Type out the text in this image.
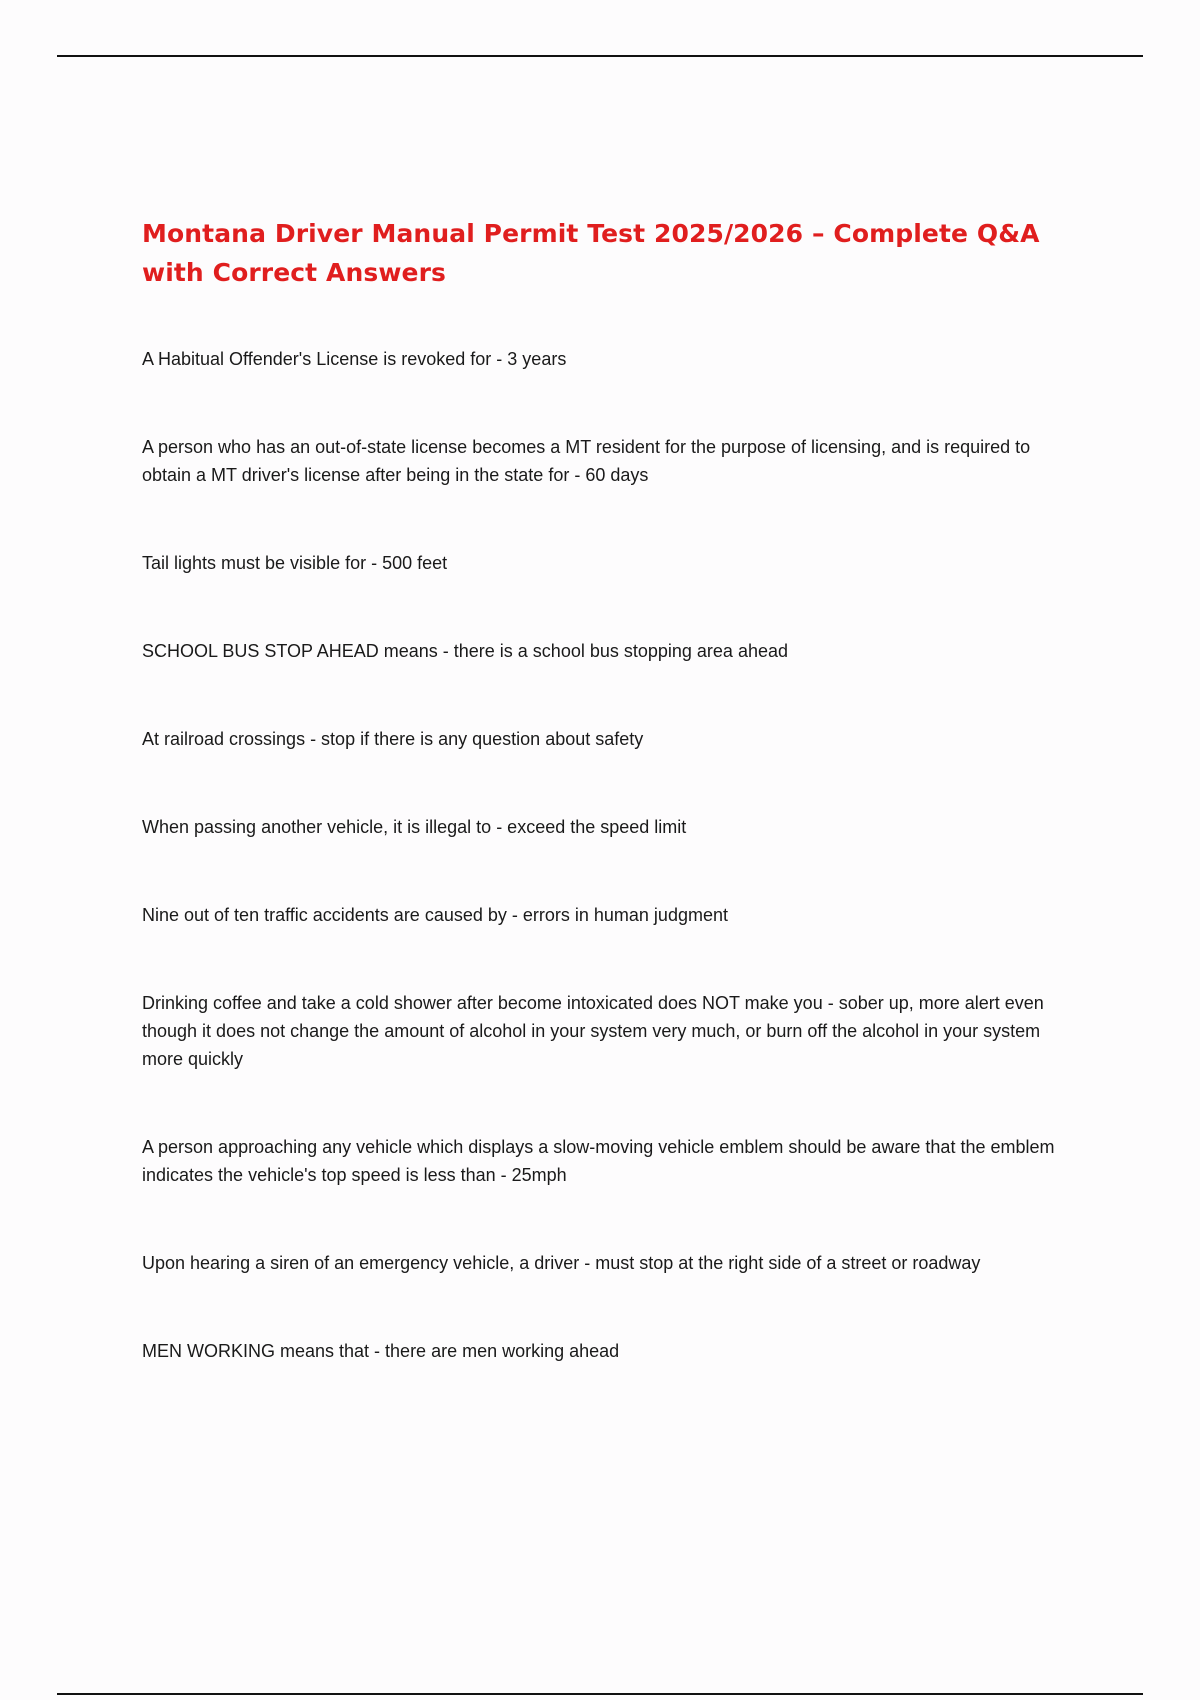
Montana Driver Manual Permit Test 2025/2026 – Complete Q&A with Correct Answers
A Habitual Offender's License is revoked for - 3 years
A person who has an out-of-state license becomes a MT resident for the purpose of licensing, and is required to obtain a MT driver's license after being in the state for - 60 days
Tail lights must be visible for - 500 feet
SCHOOL BUS STOP AHEAD means - there is a school bus stopping area ahead
At railroad crossings - stop if there is any question about safety
When passing another vehicle, it is illegal to - exceed the speed limit
Nine out of ten traffic accidents are caused by - errors in human judgment
Drinking coffee and take a cold shower after become intoxicated does NOT make you - sober up, more alert even though it does not change the amount of alcohol in your system very much, or burn off the alcohol in your system more quickly
A person approaching any vehicle which displays a slow-moving vehicle emblem should be aware that the emblem indicates the vehicle's top speed is less than - 25mph
Upon hearing a siren of an emergency vehicle, a driver - must stop at the right side of a street or roadway
MEN WORKING means that - there are men working ahead
